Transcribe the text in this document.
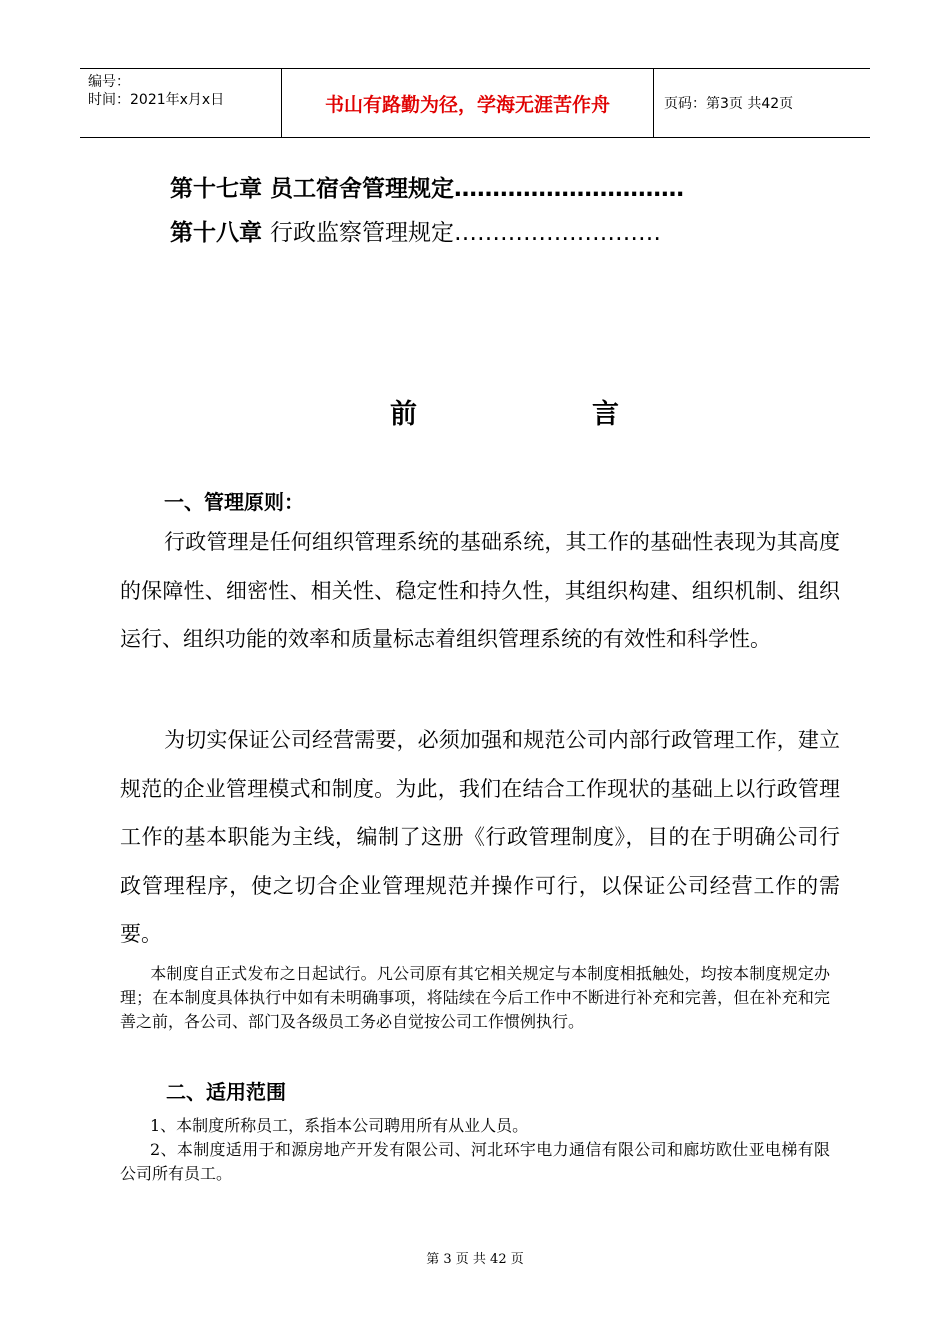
编号：
时间：2021年x月x日	书山有路勤为径，学海无涯苦作舟	页码：第3页 共42页
第十七章 员工宿舍管理规定…………………………
第十八章 行政监察管理规定………………………
前	言
一、管理原则：
行政管理是任何组织管理系统的基础系统，其工作的基础性表现为其高度的保障性、细密性、相关性、稳定性和持久性，其组织构建、组织机制、组织运行、组织功能的效率和质量标志着组织管理系统的有效性和科学性。
为切实保证公司经营需要，必须加强和规范公司内部行政管理工作，建立规范的企业管理模式和制度。为此，我们在结合工作现状的基础上以行政管理工作的基本职能为主线，编制了这册《行政管理制度》，目的在于明确公司行政管理程序，使之切合企业管理规范并操作可行，以保证公司经营工作的需要。
本制度自正式发布之日起试行。凡公司原有其它相关规定与本制度相抵触处，均按本制度规定办理；在本制度具体执行中如有未明确事项，将陆续在今后工作中不断进行补充和完善，但在补充和完善之前，各公司、部门及各级员工务必自觉按公司工作惯例执行。
二、适用范围
1、本制度所称员工，系指本公司聘用所有从业人员。
2、本制度适用于和源房地产开发有限公司、河北环宇电力通信有限公司和廊坊欧仕亚电梯有限公司所有员工。
第 3 页 共 42 页
